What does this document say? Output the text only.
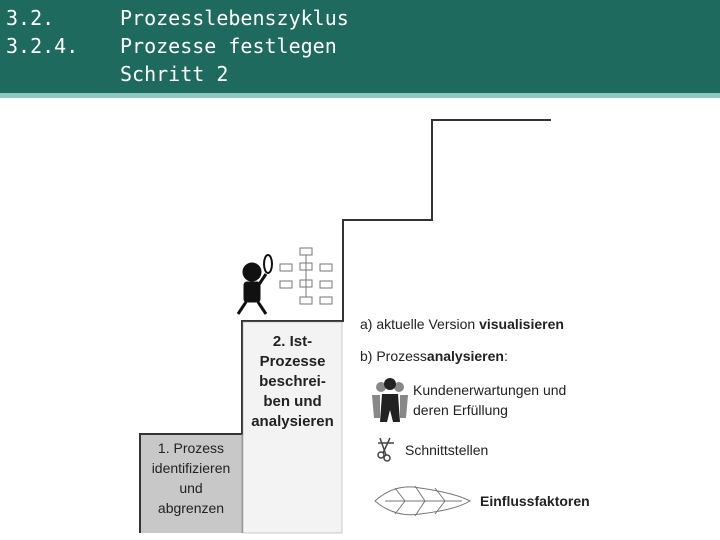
3.2.	Prozesslebenszyklus
3.2.4. Prozesse festlegen
Schritt 2
1. Prozess
identifizieren
und
abgrenzen
2. Ist-
Prozesse
beschrei-
ben und
analysieren
a) aktuelle Version visualisieren
b) Prozessanalysieren:
Kundenerwartungen und
deren Erfüllung
Schnittstellen
Einflussfaktoren
